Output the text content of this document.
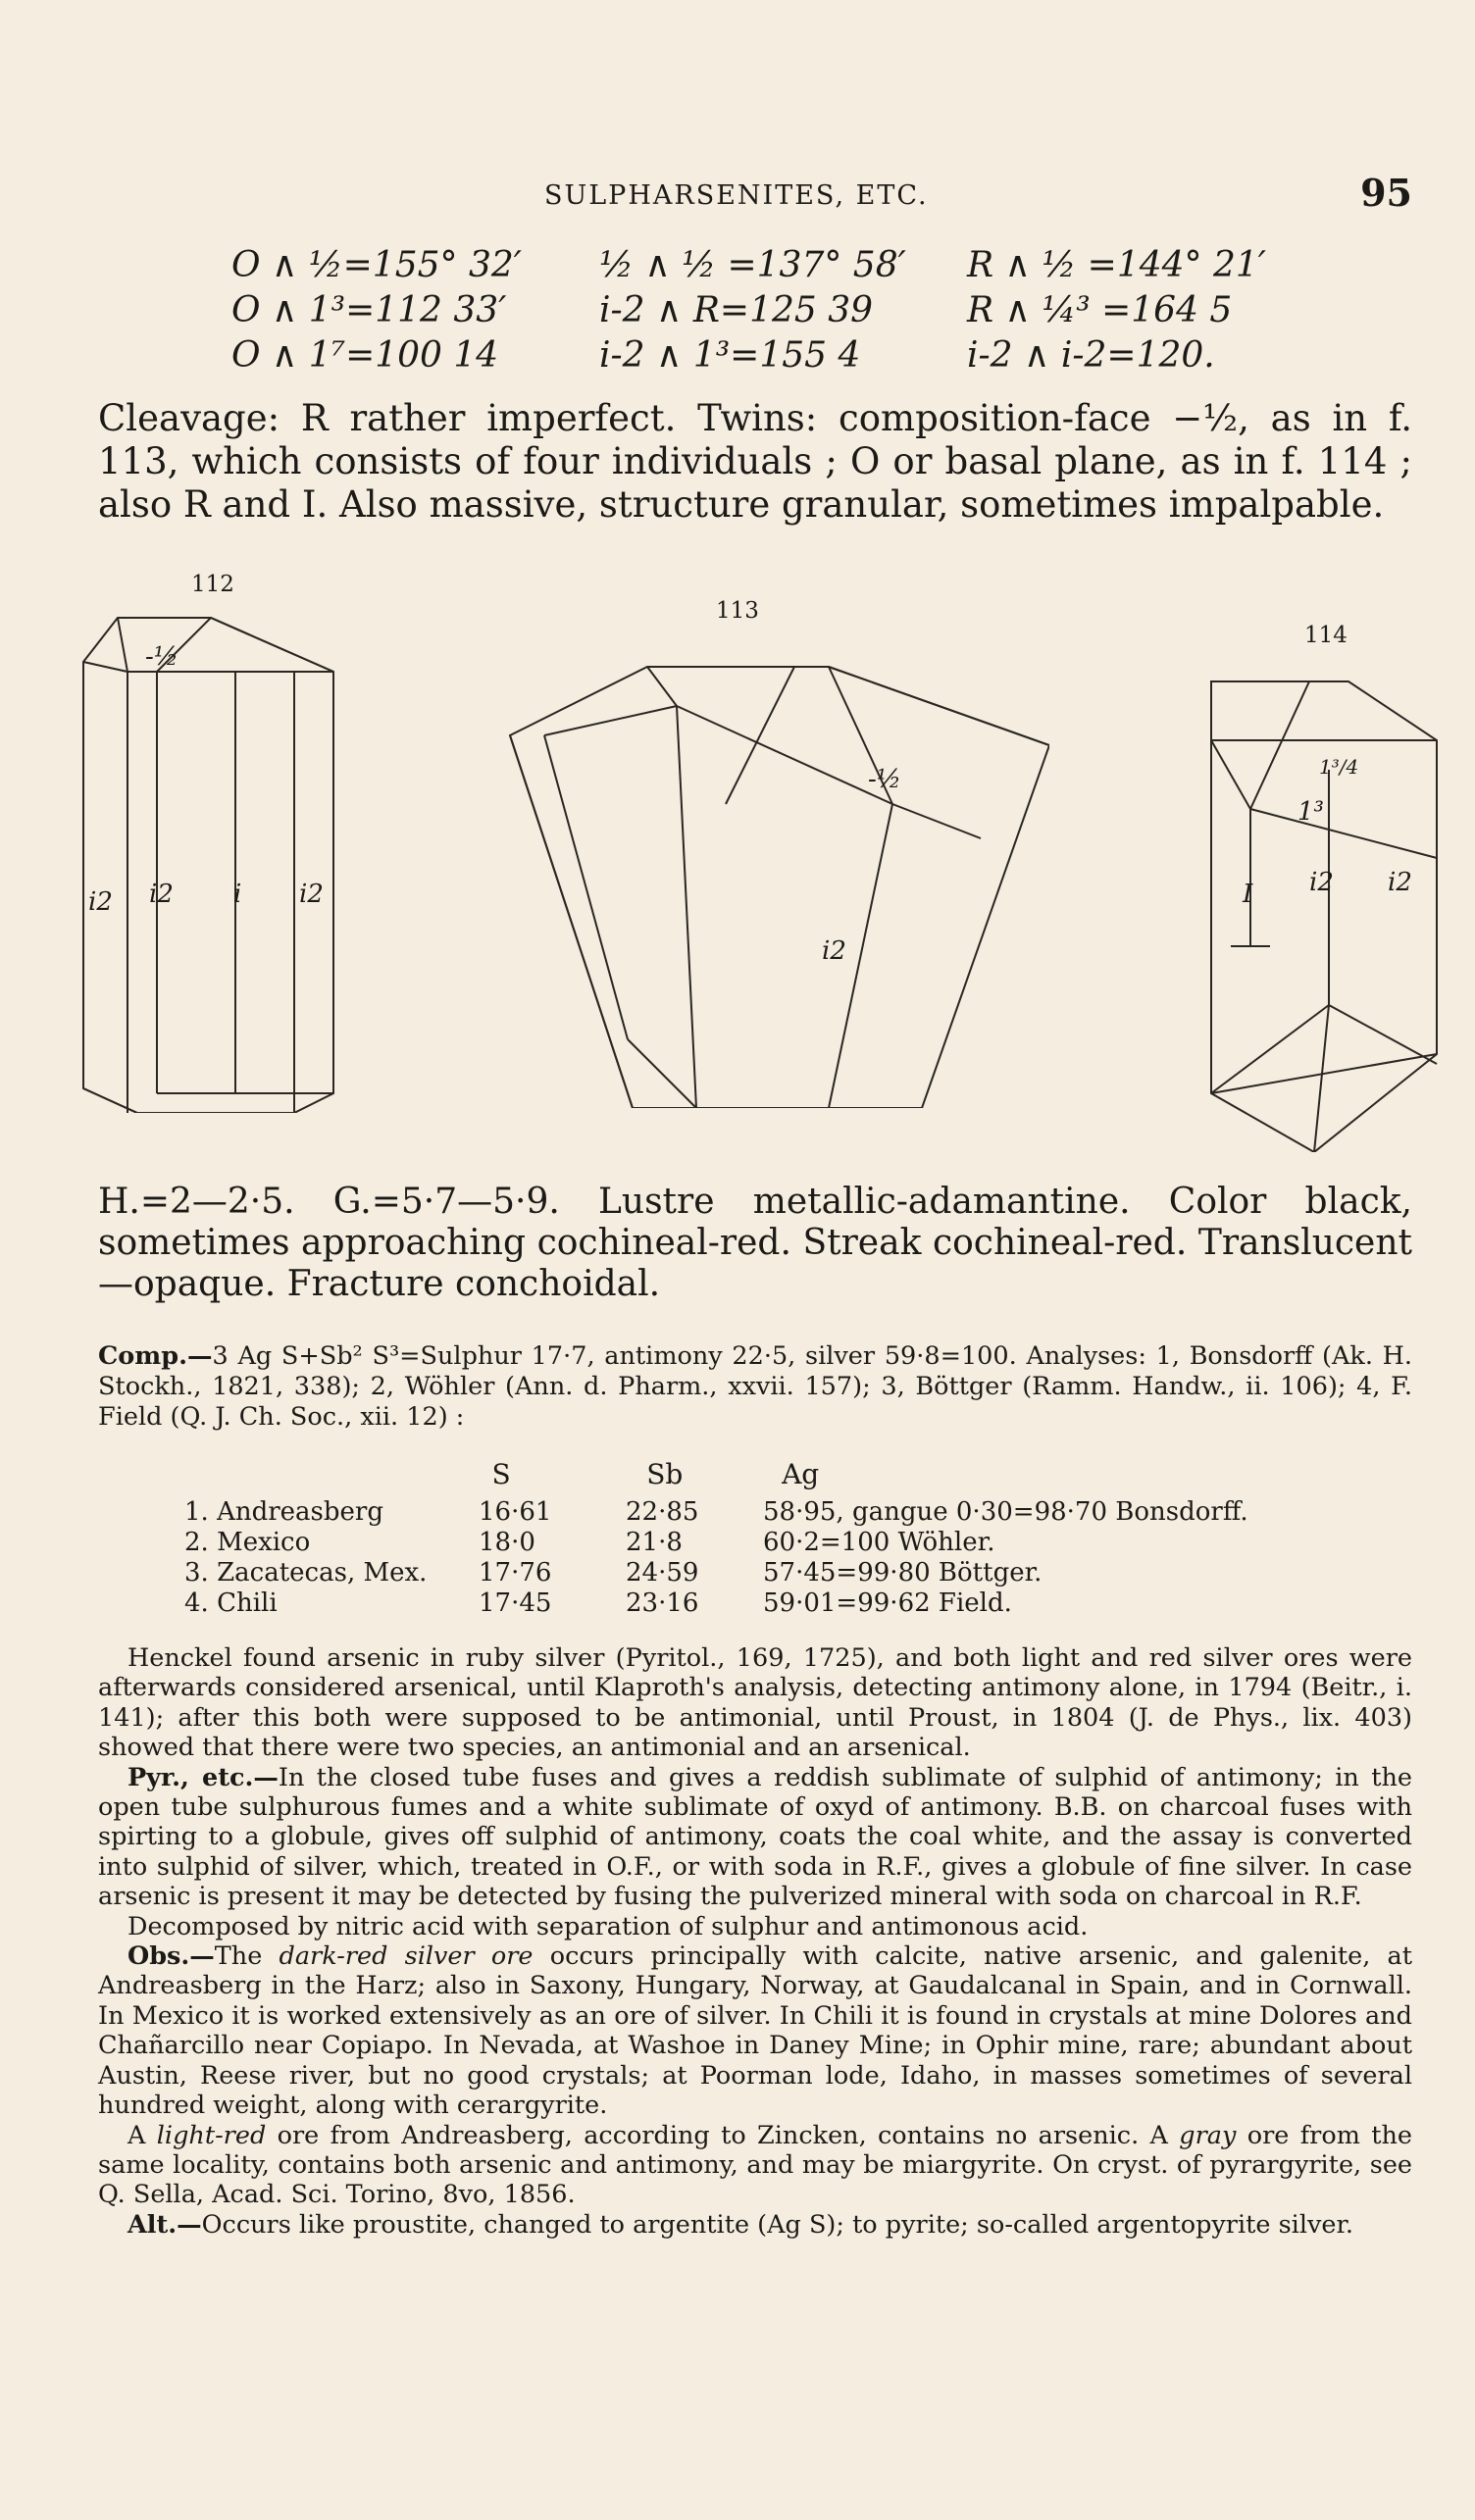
SULPHARSENITES, ETC.	95
O ∧ ½=155° 32′	½ ∧ ½ =137° 58′	R ∧ ½ =144° 21′
O ∧ 1³=112 33′	i-2 ∧ R=125 39	R ∧ ¼³ =164 5
O ∧ 1⁷=100 14	i-2 ∧ 1³=155 4	i-2 ∧ i-2=120.
Cleavage: R rather imperfect. Twins: composition-face −½, as in f. 113, which consists of four individuals ; O or basal plane, as in f. 114 ; also R and I. Also massive, structure granular, sometimes impalpable.
112
-½
i2 i2 i i2
113
-½
i2
114
1³/4
1³
I i2 i2
H.=2—2·5. G.=5·7—5·9. Lustre metallic-adamantine. Color black, sometimes approaching cochineal-red. Streak cochineal-red. Translucent —opaque. Fracture conchoidal.
Comp.—3 Ag S+Sb² S³=Sulphur 17·7, antimony 22·5, silver 59·8=100. Analyses: 1, Bonsdorff (Ak. H. Stockh., 1821, 338); 2, Wöhler (Ann. d. Pharm., xxvii. 157); 3, Böttger (Ramm. Handw., ii. 106); 4, F. Field (Q. J. Ch. Soc., xii. 12) :
S	Sb	Ag
1. Andreasberg	16·61	22·85	58·95, gangue 0·30=98·70 Bonsdorff.
2. Mexico	18·0	21·8	60·2=100 Wöhler.
3. Zacatecas, Mex.	17·76	24·59	57·45=99·80 Böttger.
4. Chili	17·45	23·16	59·01=99·62 Field.

Henckel found arsenic in ruby silver (Pyritol., 169, 1725), and both light and red silver ores were afterwards considered arsenical, until Klaproth's analysis, detecting antimony alone, in 1794 (Beitr., i. 141); after this both were supposed to be antimonial, until Proust, in 1804 (J. de Phys., lix. 403) showed that there were two species, an antimonial and an arsenical.

Pyr., etc.—In the closed tube fuses and gives a reddish sublimate of sulphid of antimony; in the open tube sulphurous fumes and a white sublimate of oxyd of antimony. B.B. on charcoal fuses with spirting to a globule, gives off sulphid of antimony, coats the coal white, and the assay is converted into sulphid of silver, which, treated in O.F., or with soda in R.F., gives a globule of fine silver. In case arsenic is present it may be detected by fusing the pulverized mineral with soda on charcoal in R.F.

Decomposed by nitric acid with separation of sulphur and antimonous acid.

Obs.—The dark-red silver ore occurs principally with calcite, native arsenic, and galenite, at Andreasberg in the Harz; also in Saxony, Hungary, Norway, at Gaudalcanal in Spain, and in Cornwall. In Mexico it is worked extensively as an ore of silver. In Chili it is found in crystals at mine Dolores and Chañarcillo near Copiapo. In Nevada, at Washoe in Daney Mine; in Ophir mine, rare; abundant about Austin, Reese river, but no good crystals; at Poorman lode, Idaho, in masses sometimes of several hundred weight, along with cerargyrite.

A light-red ore from Andreasberg, according to Zincken, contains no arsenic. A gray ore from the same locality, contains both arsenic and antimony, and may be miargyrite. On cryst. of pyrargyrite, see Q. Sella, Acad. Sci. Torino, 8vo, 1856.

Alt.—Occurs like proustite, changed to argentite (Ag S); to pyrite; so-called argentopyrite silver.
